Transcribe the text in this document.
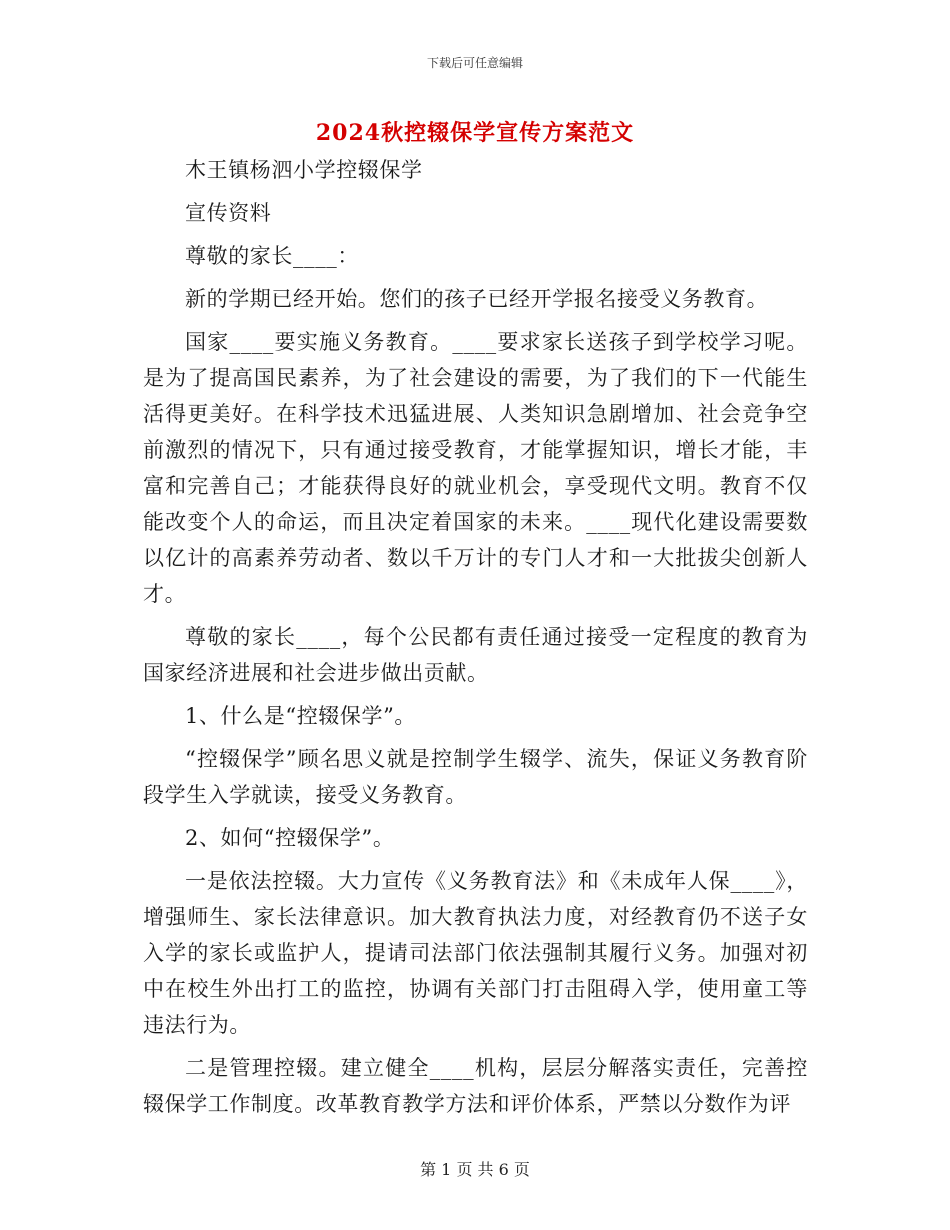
下载后可任意编辑
2024秋控辍保学宣传方案范文

木王镇杨泗小学控辍保学

宣传资料

尊敬的家长____：

新的学期已经开始。您们的孩子已经开学报名接受义务教育。

国家____要实施义务教育。____要求家长送孩子到学校学习呢。是为了提高国民素养，为了社会建设的需要，为了我们的下一代能生活得更美好。在科学技术迅猛进展、人类知识急剧增加、社会竞争空前激烈的情况下，只有通过接受教育，才能掌握知识，增长才能，丰富和完善自己；才能获得良好的就业机会，享受现代文明。教育不仅能改变个人的命运，而且决定着国家的未来。____现代化建设需要数以亿计的高素养劳动者、数以千万计的专门人才和一大批拔尖创新人才。

尊敬的家长____，每个公民都有责任通过接受一定程度的教育为国家经济进展和社会进步做出贡献。

1、什么是“控辍保学”。

“控辍保学”顾名思义就是控制学生辍学、流失，保证义务教育阶段学生入学就读，接受义务教育。

2、如何“控辍保学”。

一是依法控辍。大力宣传《义务教育法》和《未成年人保____》，增强师生、家长法律意识。加大教育执法力度，对经教育仍不送子女入学的家长或监护人，提请司法部门依法强制其履行义务。加强对初中在校生外出打工的监控，协调有关部门打击阻碍入学，使用童工等违法行为。

二是管理控辍。建立健全____机构，层层分解落实责任，完善控辍保学工作制度。改革教育教学方法和评价体系，严禁以分数作为评

第 1 页 共 6 页
